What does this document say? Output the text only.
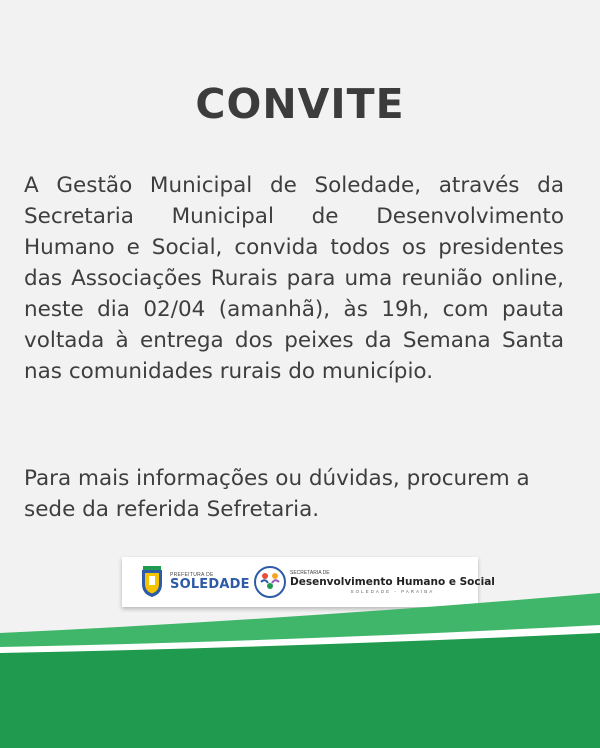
CONVITE

A Gestão Municipal de Soledade, através da Secretaria Municipal de Desenvolvimento Humano e Social, convida todos os presidentes das Associações Rurais para uma reunião online, neste dia 02/04 (amanhã), às 19h, com pauta voltada à entrega dos peixes da Semana Santa nas comunidades rurais do município.

Para mais informações ou dúvidas, procurem a sede da referida Sefretaria.

PREFEITURA DE
SOLEDADE
SECRETARIA DE
Desenvolvimento Humano e Social
SOLEDADE - PARAÍBA
